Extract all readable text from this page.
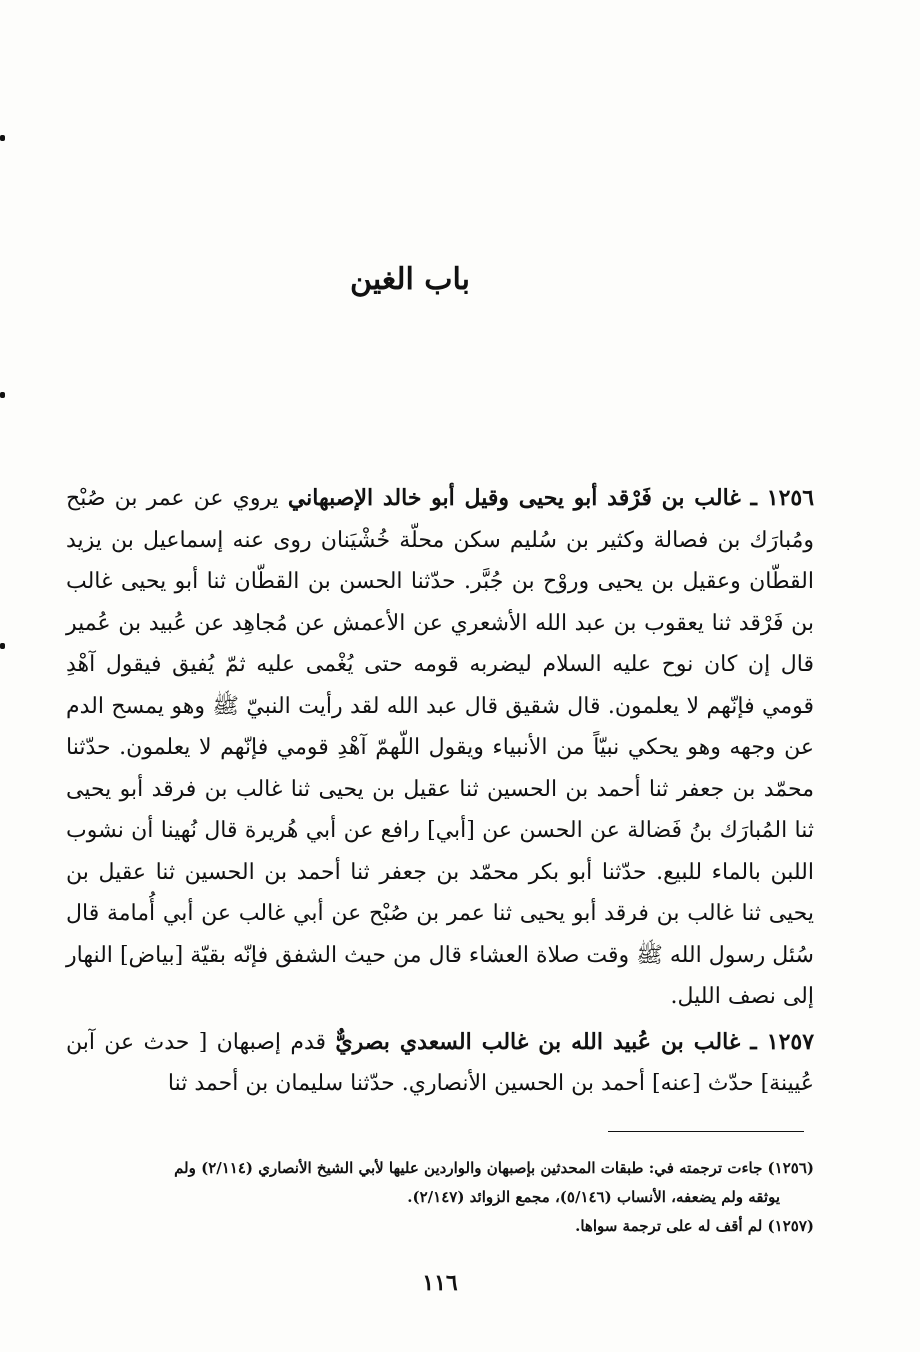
باب الغين

١٢٥٦ ـ غالب بن فَرْقد أبو يحيى وقيل أبو خالد الإصبهاني يروي عن عمر بن صُبْح ومُبارَك بن فصالة وكثير بن سُليم سكن محلّة خُشْيَنان روى عنه إسماعيل بن يزيد القطّان وعقيل بن يحيى وروْح بن جُبَّر. حدّثنا الحسن بن القطّان ثنا أبو يحيى غالب بن فَرْقد ثنا يعقوب بن عبد الله الأشعري عن الأعمش عن مُجاهِد عن عُبيد بن عُمير قال إن كان نوح عليه السلام ليضربه قومه حتى يُغْمى عليه ثمّ يُفيق فيقول آهْدِ قومي فإنّهم لا يعلمون. قال شقيق قال عبد الله لقد رأيت النبيّ ﷺ وهو يمسح الدم عن وجهه وهو يحكي نبيّاً من الأنبياء ويقول اللّهمّ آهْدِ قومي فإنّهم لا يعلمون. حدّثنا محمّد بن جعفر ثنا أحمد بن الحسين ثنا عقيل بن يحيى ثنا غالب بن فرقد أبو يحيى ثنا المُبارَك بنُ فَضالة عن الحسن عن [أبي] رافع عن أبي هُريرة قال نُهينا أن نشوب اللبن بالماء للبيع. حدّثنا أبو بكر محمّد بن جعفر ثنا أحمد بن الحسين ثنا عقيل بن يحيى ثنا غالب بن فرقد أبو يحيى ثنا عمر بن صُبْح عن أبي غالب عن أبي أُمامة قال سُئل رسول الله ﷺ وقت صلاة العشاء قال من حيث الشفق فإنّه بقيّة [بياض] النهار إلى نصف الليل.

١٢٥٧ ـ غالب بن عُبيد الله بن غالب السعدي بصريٌّ قدم إصبهان [ حدث عن آبن عُيينة] حدّث [عنه] أحمد بن الحسين الأنصاري. حدّثنا سليمان بن أحمد ثنا

(١٢٥٦) جاءت ترجمته في: طبقات المحدثين بإصبهان والواردين عليها لأبي الشيخ الأنصاري (٢/١١٤) ولم
يوثقه ولم يضعفه، الأنساب (٥/١٤٦)، مجمع الزوائد (٢/١٤٧).
(١٢٥٧) لم أقف له على ترجمة سواها.
١١٦
